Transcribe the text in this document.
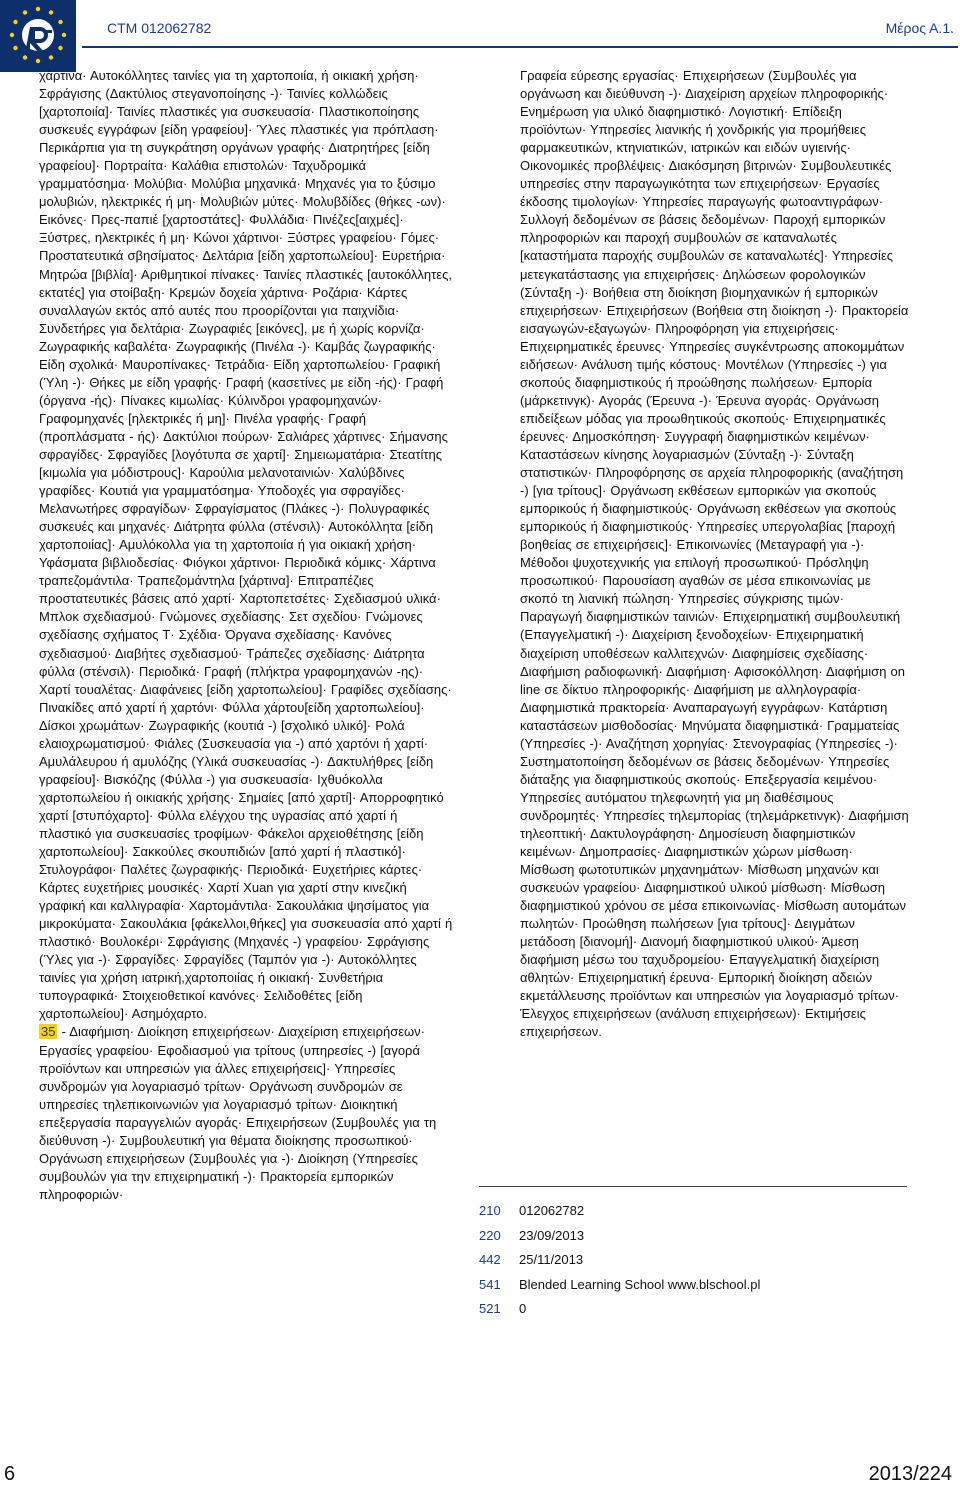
CTM 012062782	Μέρος Α.1.

χάρτινα· Αυτοκόλλητες ταινίες για τη χαρτοποιία, ή οικιακή χρήση· Σφράγισης (Δακτύλιος στεγανοποίησης -)· Ταινίες κολλώδεις [χαρτοποιία]· Ταινίες πλαστικές για συσκευασία· Πλαστικοποίησης συσκευές εγγράφων [είδη γραφείου]· Ύλες πλαστικές για πρόπλαση· Περικάρπια για τη συγκράτηση οργάνων γραφής· Διατρητήρες [είδη γραφείου]· Πορτραίτα· Καλάθια επιστολών· Ταχυδρομικά γραμματόσημα· Μολύβια· Μολύβια μηχανικά· Μηχανές για το ξύσιμο μολυβιών, ηλεκτρικές ή μη· Μολυβιών μύτες· Μολυβδίδες (θήκες -ων)· Εικόνες· Πρες-παπιέ [χαρτοστάτες]· Φυλλάδια· Πινέζες[αιχμές]· Ξύστρες, ηλεκτρικές ή μη· Κώνοι χάρτινοι· Ξύστρες γραφείου· Γόμες· Προστατευτικά σβησίματος· Δελτάρια [είδη χαρτοπωλείου]· Ευρετήρια· Μητρώα [βιβλία]· Αριθμητικοί πίνακες· Ταινίες πλαστικές [αυτοκόλλητες, εκτατές] για στοίβαξη· Κρεμών δοχεία χάρτινα· Ροζάρια· Κάρτες συναλλαγών εκτός από αυτές που προορίζονται για παιχνίδια· Συνδετήρες για δελτάρια· Ζωγραφιές [εικόνες], με ή χωρίς κορνίζα· Ζωγραφικής καβαλέτα· Ζωγραφικής (Πινέλα -)· Καμβάς ζωγραφικής· Είδη σχολικά· Μαυροπίνακες· Τετράδια· Είδη χαρτοπωλείου· Γραφική (Ύλη -)· Θήκες με είδη γραφής· Γραφή (κασετίνες με είδη -ής)· Γραφή (όργανα -ής)· Πίνακες κιμωλίας· Κύλινδροι γραφομηχανών· Γραφομηχανές [ηλεκτρικές ή μη]· Πινέλα γραφής· Γραφή (προπλάσματα - ής)· Δακτύλιοι πούρων· Σαλιάρες χάρτινες· Σήμανσης σφραγίδες· Σφραγίδες [λογότυπα σε χαρτί]· Σημειωματάρια· Στεατίτης [κιμωλία για μόδιστρους]· Καρούλια μελανοταινιών· Χαλύβδινες γραφίδες· Κουτιά για γραμματόσημα· Υποδοχές για σφραγίδες· Μελανωτήρες σφραγίδων· Σφραγίσματος (Πλάκες -)· Πολυγραφικές συσκευές και μηχανές· Διάτρητα φύλλα (στένσιλ)· Αυτοκόλλητα [είδη χαρτοποιίας]· Αμυλόκολλα για τη χαρτοποιία ή για οικιακή χρήση· Υφάσματα βιβλιοδεσίας· Φιόγκοι χάρτινοι· Περιοδικά κόμικς· Χάρτινα τραπεζομάντιλα· Τραπεζομάντηλα [χάρτινα]· Επιτραπέζιες προστατευτικές βάσεις από χαρτί· Χαρτοπετσέτες· Σχεδιασμού υλικά· Μπλοκ σχεδιασμού· Γνώμονες σχεδίασης· Σετ σχεδίου· Γνώμονες σχεδίασης σχήματος Τ· Σχέδια· Όργανα σχεδίασης· Κανόνες σχεδιασμού· Διαβήτες σχεδιασμού· Τράπεζες σχεδίασης· Διάτρητα φύλλα (στένσιλ)· Περιοδικά· Γραφή (πλήκτρα γραφομηχανών -ης)· Χαρτί τουαλέτας· Διαφάνειες [είδη χαρτοπωλείου]· Γραφίδες σχεδίασης· Πινακίδες από χαρτί ή χαρτόνι· Φύλλα χάρτου[είδη χαρτοπωλείου]· Δίσκοι χρωμάτων· Ζωγραφικής (κουτιά -) [σχολικό υλικό]· Ρολά ελαιοχρωματισμού· Φιάλες (Συσκευασία για -) από χαρτόνι ή χαρτί· Αμυλάλευρου ή αμυλόζης (Υλικά συσκευασίας -)· Δακτυλήθρες [είδη γραφείου]· Βισκόζης (Φύλλα -) για συσκευασία· Ιχθυόκολλα χαρτοπωλείου ή οικιακής χρήσης· Σημαίες [από χαρτί]· Απορροφητικό χαρτί [στυπόχαρτο]· Φύλλα ελέγχου της υγρασίας από χαρτί ή πλαστικό για συσκευασίες τροφίμων· Φάκελοι αρχειοθέτησης [είδη χαρτοπωλείου]· Σακκούλες σκουπιδιών [από χαρτί ή πλαστικό]· Στυλογράφοι· Παλέτες ζωγραφικής· Περιοδικά· Ευχετήριες κάρτες· Κάρτες ευχετήριες μουσικές· Χαρτί Xuan για χαρτί στην κινεζική γραφική και καλλιγραφία· Χαρτομάντιλα· Σακουλάκια ψησίματος για μικροκύματα· Σακουλάκια [φάκελλοι,θήκες] για συσκευασία από χαρτί ή πλαστικό· Βουλοκέρι· Σφράγισης (Μηχανές -) γραφείου· Σφράγισης (Ύλες για -)· Σφραγίδες· Σφραγίδες (Ταμπόν για -)· Αυτοκόλλητες ταινίες για χρήση ιατρική,χαρτοποιίας ή οικιακή· Συνθετήρια τυπογραφικά· Στοιχειοθετικοί κανόνες· Σελιδοθέτες [είδη χαρτοπωλείου]· Ασημόχαρτο.
35 - Διαφήμιση· Διοίκηση επιχειρήσεων· Διαχείριση επιχειρήσεων· Εργασίες γραφείου· Εφοδιασμού για τρίτους (υπηρεσίες -) [αγορά προϊόντων και υπηρεσιών για άλλες επιχειρήσεις]· Υπηρεσίες συνδρομών για λογαριασμό τρίτων· Οργάνωση συνδρομών σε υπηρεσίες τηλεπικοινωνιών για λογαριασμό τρίτων· Διοικητική επεξεργασία παραγγελιών αγοράς· Επιχειρήσεων (Συμβουλές για τη διεύθυνση -)· Συμβουλευτική για θέματα διοίκησης προσωπικού· Οργάνωση επιχειρήσεων (Συμβουλές για -)· Διοίκηση (Υπηρεσίες συμβουλών για την επιχειρηματική -)· Πρακτορεία εμπορικών πληροφοριών·

Γραφεία εύρεσης εργασίας· Επιχειρήσεων (Συμβουλές για οργάνωση και διεύθυνση -)· Διαχείριση αρχείων πληροφορικής· Ενημέρωση για υλικό διαφημιστικό· Λογιστική· Επίδειξη προϊόντων· Υπηρεσίες λιανικής ή χονδρικής για προμήθειες φαρμακευτικών, κτηνιατικών, ιατρικών και ειδών υγιεινής· Οικονομικές προβλέψεις· Διακόσμηση βιτρινών· Συμβουλευτικές υπηρεσίες στην παραγωγικότητα των επιχειρήσεων· Εργασίες έκδοσης τιμολογίων· Υπηρεσίες παραγωγής φωτοαντιγράφων· Συλλογή δεδομένων σε βάσεις δεδομένων· Παροχή εμπορικών πληροφοριών και παροχή συμβουλών σε καταναλωτές [καταστήματα παροχής συμβουλών σε καταναλωτές]· Υπηρεσίες μετεγκατάστασης για επιχειρήσεις· Δηλώσεων φορολογικών (Σύνταξη -)· Βοήθεια στη διοίκηση βιομηχανικών ή εμπορικών επιχειρήσεων· Επιχειρήσεων (Βοήθεια στη διοίκηση -)· Πρακτορεία εισαγωγών-εξαγωγών· Πληροφόρηση για επιχειρήσεις· Επιχειρηματικές έρευνες· Υπηρεσίες συγκέντρωσης αποκομμάτων ειδήσεων· Ανάλυση τιμής κόστους· Μοντέλων (Υπηρεσίες -) για σκοπούς διαφημιστικούς ή προώθησης πωλήσεων· Εμπορία (μάρκετινγκ)· Αγοράς (Έρευνα -)· Έρευνα αγοράς· Οργάνωση επιδείξεων μόδας για προωθητικούς σκοπούς· Επιχειρηματικές έρευνες· Δημοσκόπηση· Συγγραφή διαφημιστικών κειμένων· Καταστάσεων κίνησης λογαριασμών (Σύνταξη -)· Σύνταξη στατιστικών· Πληροφόρησης σε αρχεία πληροφορικής (αναζήτηση -) [για τρίτους]· Οργάνωση εκθέσεων εμπορικών για σκοπούς εμπορικούς ή διαφημιστικούς· Οργάνωση εκθέσεων για σκοπούς εμπορικούς ή διαφημιστικούς· Υπηρεσίες υπεργολαβίας [παροχή βοηθείας σε επιχειρήσεις]· Επικοινωνίες (Μεταγραφή για -)· Μέθοδοι ψυχοτεχνικής για επιλογή προσωπικού· Πρόσληψη προσωπικού· Παρουσίαση αγαθών σε μέσα επικοινωνίας με σκοπό τη λιανική πώληση· Υπηρεσίες σύγκρισης τιμών· Παραγωγή διαφημιστικών ταινιών· Επιχειρηματική συμβουλευτική (Επαγγελματική -)· Διαχείριση ξενοδοχείων· Επιχειρηματική διαχείριση υποθέσεων καλλιτεχνών· Διαφημίσεις σχεδίασης· Διαφήμιση ραδιοφωνική· Διαφήμιση· Αφισοκόλληση· Διαφήμιση on line σε δίκτυο πληροφορικής· Διαφήμιση με αλληλογραφία· Διαφημιστικά πρακτορεία· Αναπαραγωγή εγγράφων· Κατάρτιση καταστάσεων μισθοδοσίας· Μηνύματα διαφημιστικά· Γραμματείας (Υπηρεσίες -)· Αναζήτηση χορηγίας· Στενογραφίας (Υπηρεσίες -)· Συστηματοποίηση δεδομένων σε βάσεις δεδομένων· Υπηρεσίες διάταξης για διαφημιστικούς σκοπούς· Επεξεργασία κειμένου· Υπηρεσίες αυτόματου τηλεφωνητή για μη διαθέσιμους συνδρομητές· Υπηρεσίες τηλεμπορίας (τηλεμάρκετινγκ)· Διαφήμιση τηλεοπτική· Δακτυλογράφηση· Δημοσίευση διαφημιστικών κειμένων· Δημοπρασίες· Διαφημιστικών χώρων μίσθωση· Μίσθωση φωτοτυπικών μηχανημάτων· Μίσθωση μηχανών και συσκευών γραφείου· Διαφημιστικού υλικού μίσθωση· Μίσθωση διαφημιστικού χρόνου σε μέσα επικοινωνίας· Μίσθωση αυτομάτων πωλητών· Προώθηση πωλήσεων [για τρίτους]· Δειγμάτων μετάδοση [διανομή]· Διανομή διαφημιστικού υλικού· Άμεση διαφήμιση μέσω του ταχυδρομείου· Επαγγελματική διαχείριση αθλητών· Επιχειρηματική έρευνα· Εμπορική διοίκηση αδειών εκμετάλλευσης προϊόντων και υπηρεσιών για λογαριασμό τρίτων· Έλεγχος επιχειρήσεων (ανάλυση επιχειρήσεων)· Εκτιμήσεις επιχειρήσεων.

210	012062782
220	23/09/2013
442	25/11/2013
541	Blended Learning School www.blschool.pl
521	0
6	2013/224
